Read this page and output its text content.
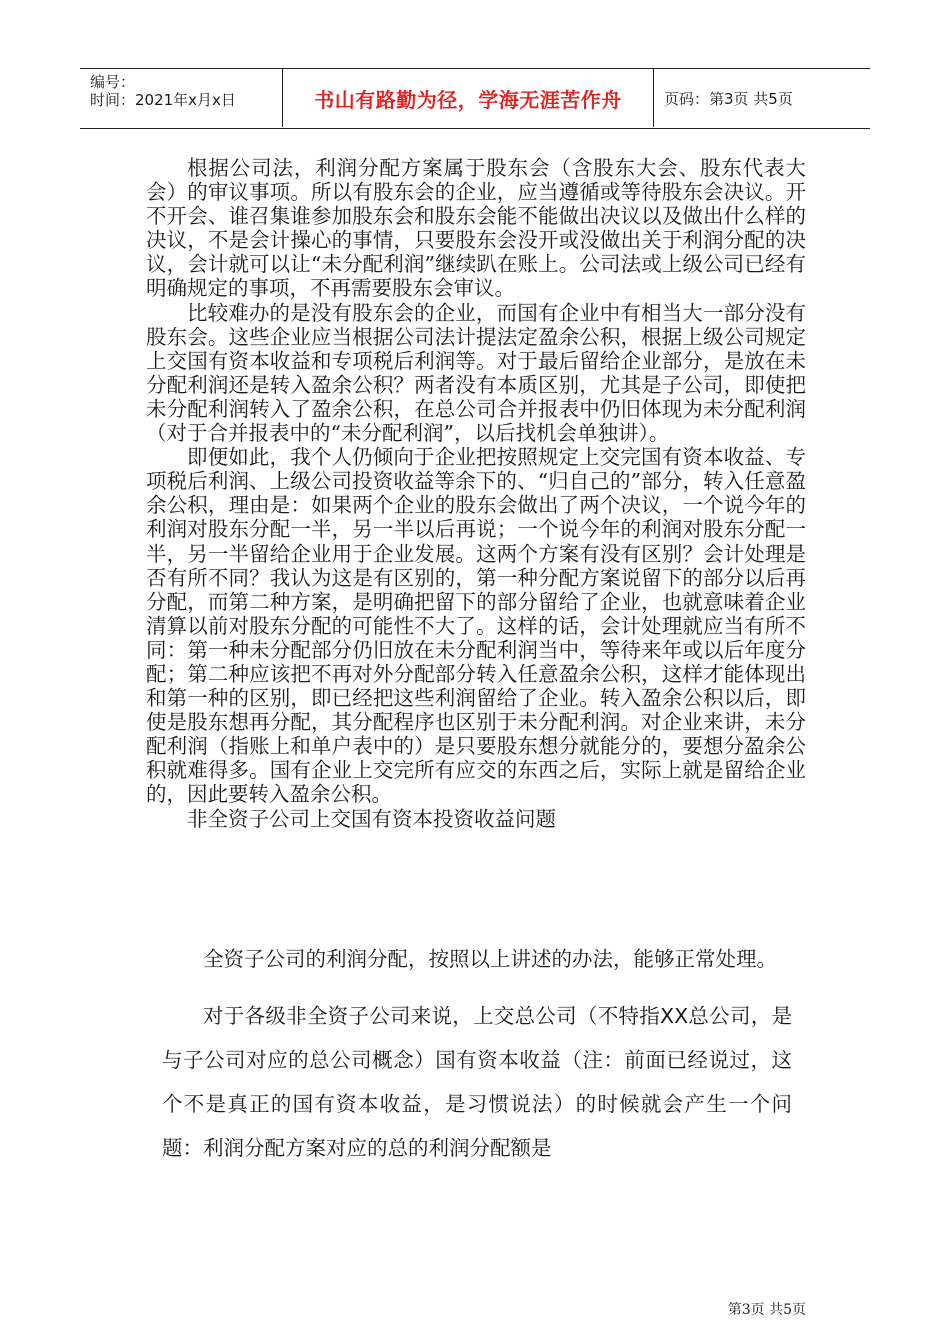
编号：
时间：2021年x月x日	书山有路勤为径，学海无涯苦作舟	页码：第3页 共5页

根据公司法，利润分配方案属于股东会（含股东大会、股东代表大会）的审议事项。所以有股东会的企业，应当遵循或等待股东会决议。开不开会、谁召集谁参加股东会和股东会能不能做出决议以及做出什么样的决议，不是会计操心的事情，只要股东会没开或没做出关于利润分配的决议，会计就可以让“未分配利润”继续趴在账上。公司法或上级公司已经有明确规定的事项，不再需要股东会审议。

比较难办的是没有股东会的企业，而国有企业中有相当大一部分没有股东会。这些企业应当根据公司法计提法定盈余公积，根据上级公司规定上交国有资本收益和专项税后利润等。对于最后留给企业部分，是放在未分配利润还是转入盈余公积？两者没有本质区别，尤其是子公司，即使把未分配利润转入了盈余公积，在总公司合并报表中仍旧体现为未分配利润（对于合并报表中的“未分配利润”，以后找机会单独讲）。

即便如此，我个人仍倾向于企业把按照规定上交完国有资本收益、专项税后利润、上级公司投资收益等余下的、“归自己的”部分，转入任意盈余公积，理由是：如果两个企业的股东会做出了两个决议，一个说今年的利润对股东分配一半，另一半以后再说；一个说今年的利润对股东分配一半，另一半留给企业用于企业发展。这两个方案有没有区别？会计处理是否有所不同？我认为这是有区别的，第一种分配方案说留下的部分以后再分配，而第二种方案，是明确把留下的部分留给了企业，也就意味着企业清算以前对股东分配的可能性不大了。这样的话，会计处理就应当有所不同：第一种未分配部分仍旧放在未分配利润当中，等待来年或以后年度分配；第二种应该把不再对外分配部分转入任意盈余公积，这样才能体现出和第一种的区别，即已经把这些利润留给了企业。转入盈余公积以后，即使是股东想再分配，其分配程序也区别于未分配利润。对企业来讲，未分配利润（指账上和单户表中的）是只要股东想分就能分的，要想分盈余公积就难得多。国有企业上交完所有应交的东西之后，实际上就是留给企业的，因此要转入盈余公积。

非全资子公司上交国有资本投资收益问题

全资子公司的利润分配，按照以上讲述的办法，能够正常处理。

对于各级非全资子公司来说，上交总公司（不特指XX总公司，是与子公司对应的总公司概念）国有资本收益（注：前面已经说过，这个不是真正的国有资本收益，是习惯说法）的时候就会产生一个问题：利润分配方案对应的总的利润分配额是

第3页 共5页
